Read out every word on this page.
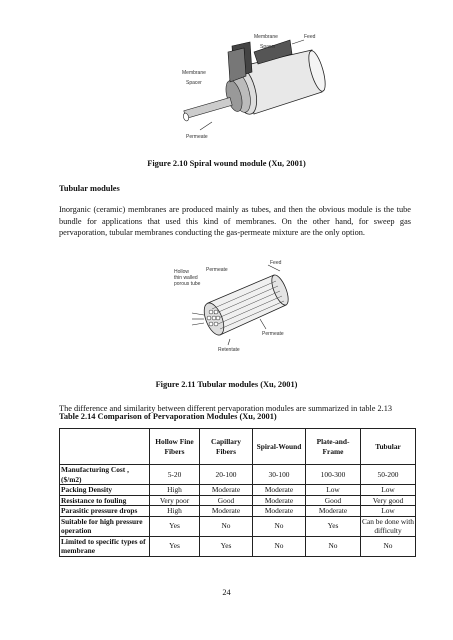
Membrane
Spacer
Membrane
Spacer
Feed
Permeate
Figure 2.10 Spiral wound module (Xu, 2001)
Tubular modules
Inorganic (ceramic) membranes are produced mainly as tubes, and then the obvious module is the tube bundle for applications that used this kind of membranes. On the other hand, for sweep gas pervaporation, tubular membranes conducting the gas-permeate mixture are the only option.
Hollow
thin walled
porous tube
Permeate
Feed
Permeate
Retentate
Figure 2.11 Tubular modules (Xu, 2001)
The difference and similarity between different pervaporation modules are summarized in table 2.13
Table 2.14 Comparison of Pervaporation Modules (Xu, 2001)
	Hollow Fine Fibers	Capillary Fibers	Spiral-Wound	Plate-and-Frame	Tubular
Manufacturing Cost ,($/m2)	5-20	20-100	30-100	100-300	50-200
Packing Density	High	Moderate	Moderate	Low	Low
Resistance to fouling	Very poor	Good	Moderate	Good	Very good
Parasitic pressure drops	High	Moderate	Moderate	Moderate	Low
Suitable for high pressure operation	Yes	No	No	Yes	Can be done with difficulty
Limited to specific types of membrane	Yes	Yes	No	No	No
24
